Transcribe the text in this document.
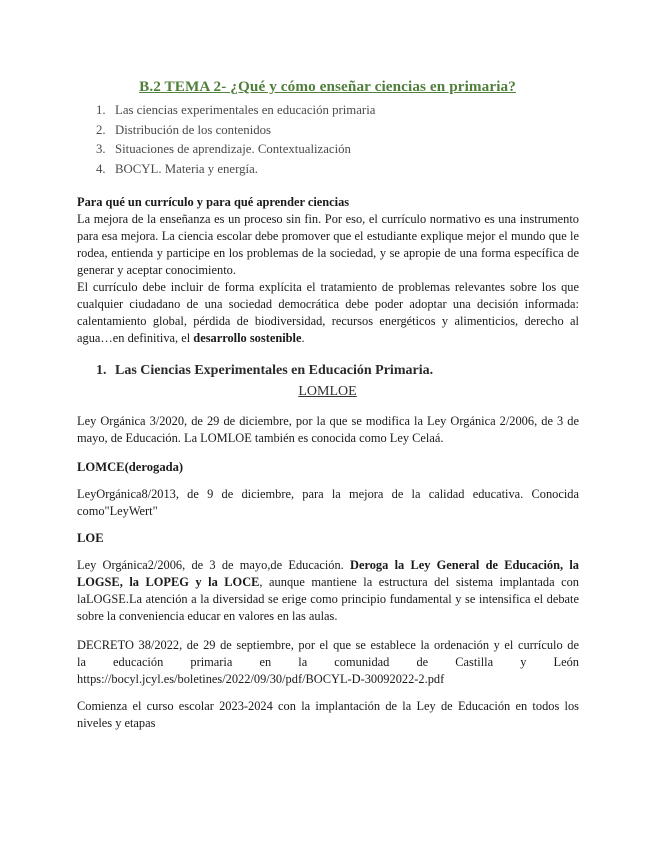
B.2 TEMA 2- ¿Qué y cómo enseñar ciencias en primaria?
1. Las ciencias experimentales en educación primaria
2. Distribución de los contenidos
3. Situaciones de aprendizaje. Contextualización
4. BOCYL. Materia y energía.
Para qué un currículo y para qué aprender ciencias

La mejora de la enseñanza es un proceso sin fin. Por eso, el currículo normativo es una instrumento para esa mejora. La ciencia escolar debe promover que el estudiante explique mejor el mundo que le rodea, entienda y participe en los problemas de la sociedad, y se apropie de una forma específica de generar y aceptar conocimiento.

El currículo debe incluir de forma explícita el tratamiento de problemas relevantes sobre los que cualquier ciudadano de una sociedad democrática debe poder adoptar una decisión informada: calentamiento global, pérdida de biodiversidad, recursos energéticos y alimenticios, derecho al agua…en definitiva, el desarrollo sostenible.

1. Las Ciencias Experimentales en Educación Primaria.
LOMLOE

Ley Orgánica 3/2020, de 29 de diciembre, por la que se modifica la Ley Orgánica 2/2006, de 3 de mayo, de Educación. La LOMLOE también es conocida como Ley Celaá.

LOMCE(derogada)

LeyOrgánica8/2013, de 9 de diciembre, para la mejora de la calidad educativa. Conocida como"LeyWert"

LOE

Ley Orgánica2/2006, de 3 de mayo,de Educación. Deroga la Ley General de Educación, la LOGSE, la LOPEG y la LOCE, aunque mantiene la estructura del sistema implantada con laLOGSE.La atención a la diversidad se erige como principio fundamental y se intensifica el debate sobre la conveniencia educar en valores en las aulas.

DECRETO 38/2022, de 29 de septiembre, por el que se establece la ordenación y el currículo de
la educación primaria en la comunidad de Castilla y León
https://bocyl.jcyl.es/boletines/2022/09/30/pdf/BOCYL-D-30092022-2.pdf

Comienza el curso escolar 2023-2024 con la implantación de la Ley de Educación en todos los niveles y etapas
